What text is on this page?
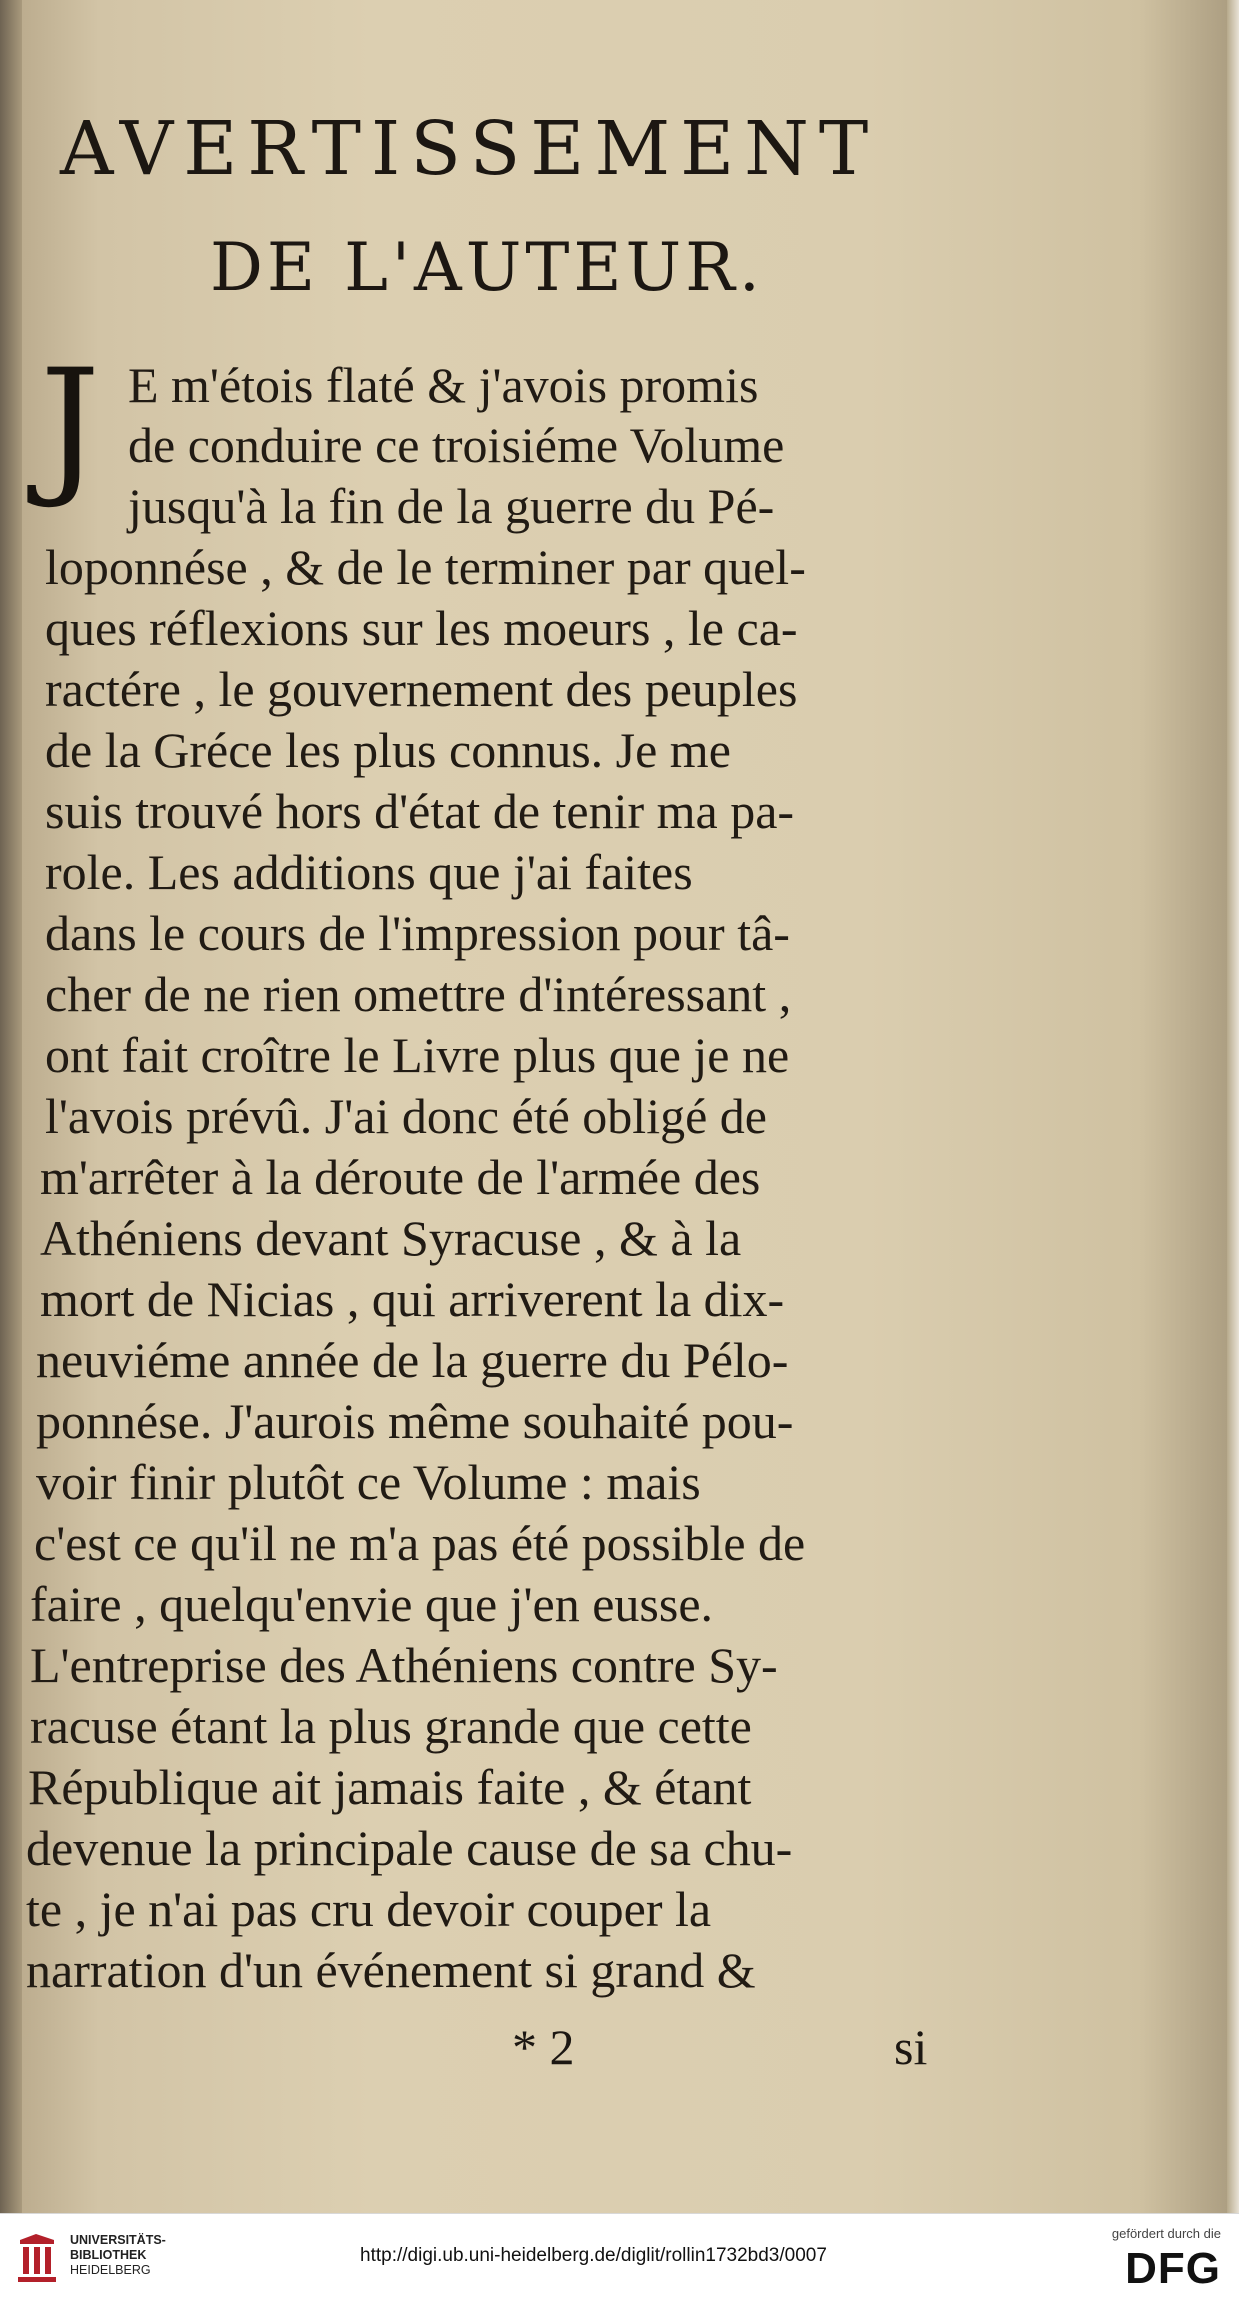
AVERTISSEMENT
DE L'AUTEUR.
J E m'étois flaté & j'avois promis
de conduire ce troisiéme Volume
jusqu'à la fin de la guerre du Pé-
loponnése , & de le terminer par quel-
ques réflexions sur les moeurs , le ca-
ractére , le gouvernement des peuples
de la Gréce les plus connus. Je me
suis trouvé hors d'état de tenir ma pa-
role. Les additions que j'ai faites
dans le cours de l'impression pour tâ-
cher de ne rien omettre d'intéressant ,
ont fait croître le Livre plus que je ne
l'avois prévû. J'ai donc été obligé de
m'arrêter à la déroute de l'armée des
Athéniens devant Syracuse , & à la
mort de Nicias , qui arriverent la dix-
neuviéme année de la guerre du Pélo-
ponnése. J'aurois même souhaité pou-
voir finir plutôt ce Volume : mais
c'est ce qu'il ne m'a pas été possible de
faire , quelqu'envie que j'en eusse.
L'entreprise des Athéniens contre Sy-
racuse étant la plus grande que cette
République ait jamais faite , & étant
devenue la principale cause de sa chu-
te , je n'ai pas cru devoir couper la
narration d'un événement si grand &
* 2	si
UNIVERSITÄTS-
BIBLIOTHEK
HEIDELBERG
http://digi.ub.uni-heidelberg.de/diglit/rollin1732bd3/0007
gefördert durch die
DFG
